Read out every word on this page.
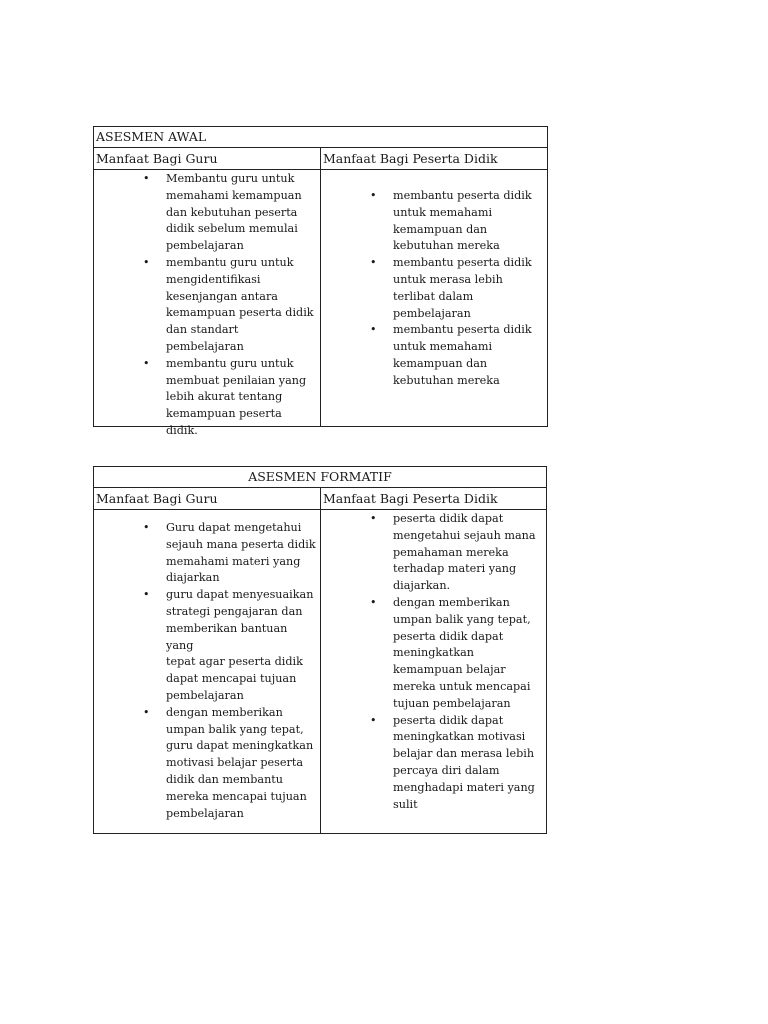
ASESMEN AWAL
Manfaat Bagi Guru	Manfaat Bagi Peserta Didik
• Membantu guru untuk
memahami kemampuan
dan kebutuhan peserta
didik sebelum memulai
pembelajaran
• membantu guru untuk
mengidentifikasi
kesenjangan antara
kemampuan peserta didik
dan standart pembelajaran
• membantu guru untuk
membuat penilaian yang
lebih akurat tentang
kemampuan peserta didik.
• membantu peserta didik
untuk memahami
kemampuan dan
kebutuhan mereka
• membantu peserta didik
untuk merasa lebih
terlibat dalam
pembelajaran
• membantu peserta didik
untuk memahami
kemampuan dan
kebutuhan mereka
ASESMEN FORMATIF
Manfaat Bagi Guru	Manfaat Bagi Peserta Didik
• Guru dapat mengetahui
sejauh mana peserta didik
memahami materi yang
diajarkan
• guru dapat menyesuaikan
strategi pengajaran dan
memberikan bantuan yang
tepat agar peserta didik
dapat mencapai tujuan
pembelajaran
• dengan memberikan
umpan balik yang tepat,
guru dapat meningkatkan
motivasi belajar peserta
didik dan membantu
mereka mencapai tujuan
pembelajaran
• peserta didik dapat
mengetahui sejauh mana
pemahaman mereka
terhadap materi yang
diajarkan.
• dengan memberikan
umpan balik yang tepat,
peserta didik dapat
meningkatkan
kemampuan belajar
mereka untuk mencapai
tujuan pembelajaran
• peserta didik dapat
meningkatkan motivasi
belajar dan merasa lebih
percaya diri dalam
menghadapi materi yang
sulit
